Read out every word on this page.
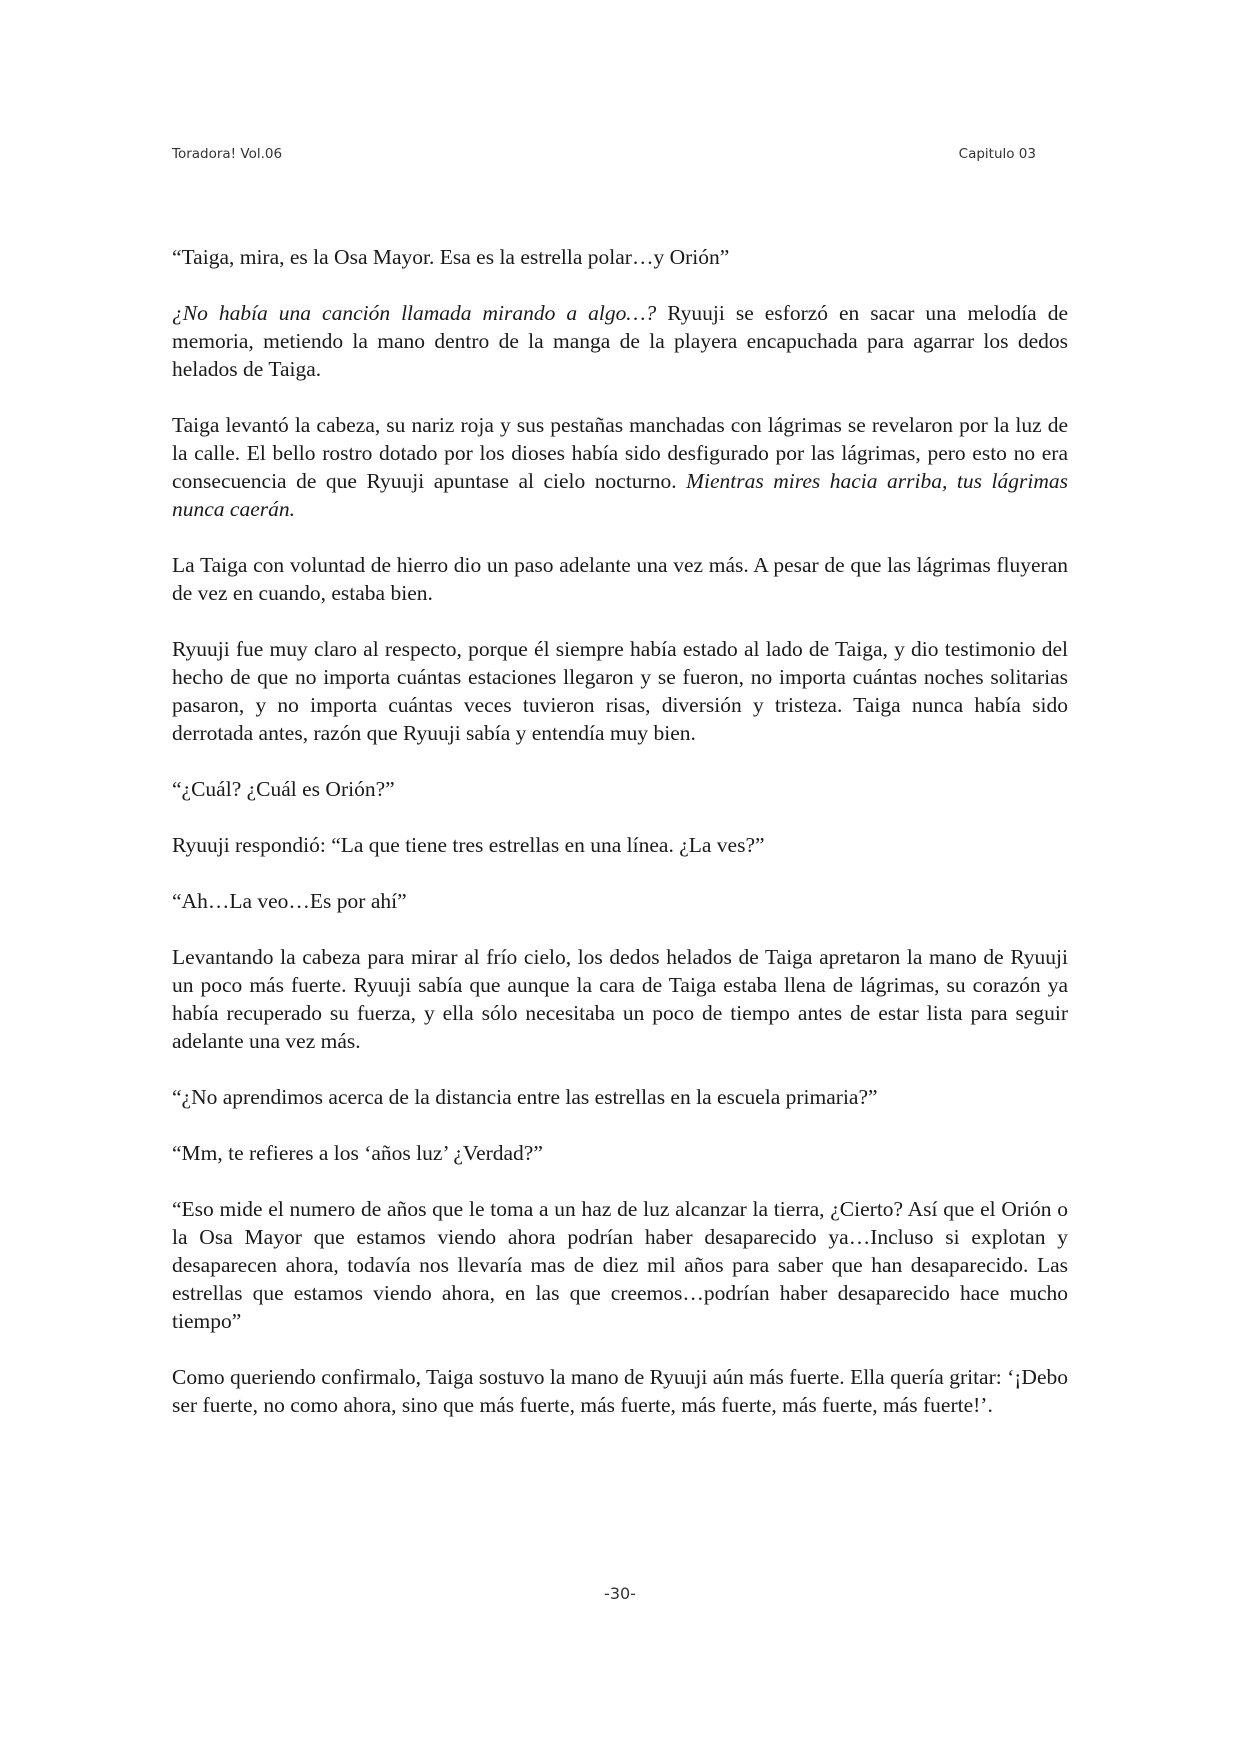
Toradora! Vol.06	Capitulo 03

“Taiga, mira, es la Osa Mayor. Esa es la estrella polar…y Orión”

¿No había una canción llamada mirando a algo…? Ryuuji se esforzó en sacar una melodía de memoria, metiendo la mano dentro de la manga de la playera encapuchada para agarrar los dedos helados de Taiga.

Taiga levantó la cabeza, su nariz roja y sus pestañas manchadas con lágrimas se revelaron por la luz de la calle. El bello rostro dotado por los dioses había sido desfigurado por las lágrimas, pero esto no era consecuencia de que Ryuuji apuntase al cielo nocturno. Mientras mires hacia arriba, tus lágrimas nunca caerán.

La Taiga con voluntad de hierro dio un paso adelante una vez más. A pesar de que las lágrimas fluyeran de vez en cuando, estaba bien.

Ryuuji fue muy claro al respecto, porque él siempre había estado al lado de Taiga, y dio testimonio del hecho de que no importa cuántas estaciones llegaron y se fueron, no importa cuántas noches solitarias pasaron, y no importa cuántas veces tuvieron risas, diversión y tristeza. Taiga nunca había sido derrotada antes, razón que Ryuuji sabía y entendía muy bien.

“¿Cuál? ¿Cuál es Orión?”

Ryuuji respondió: “La que tiene tres estrellas en una línea. ¿La ves?”

“Ah…La veo…Es por ahí”

Levantando la cabeza para mirar al frío cielo, los dedos helados de Taiga apretaron la mano de Ryuuji un poco más fuerte. Ryuuji sabía que aunque la cara de Taiga estaba llena de lágrimas, su corazón ya había recuperado su fuerza, y ella sólo necesitaba un poco de tiempo antes de estar lista para seguir adelante una vez más.

“¿No aprendimos acerca de la distancia entre las estrellas en la escuela primaria?”

“Mm, te refieres a los ‘años luz’ ¿Verdad?”

“Eso mide el numero de años que le toma a un haz de luz alcanzar la tierra, ¿Cierto? Así que el Orión o la Osa Mayor que estamos viendo ahora podrían haber desaparecido ya…Incluso si explotan y desaparecen ahora, todavía nos llevaría mas de diez mil años para saber que han desaparecido. Las estrellas que estamos viendo ahora, en las que creemos…podrían haber desaparecido hace mucho tiempo”

Como queriendo confirmalo, Taiga sostuvo la mano de Ryuuji aún más fuerte. Ella quería gritar: ‘¡Debo ser fuerte, no como ahora, sino que más fuerte, más fuerte, más fuerte, más fuerte, más fuerte!’.

-30-
